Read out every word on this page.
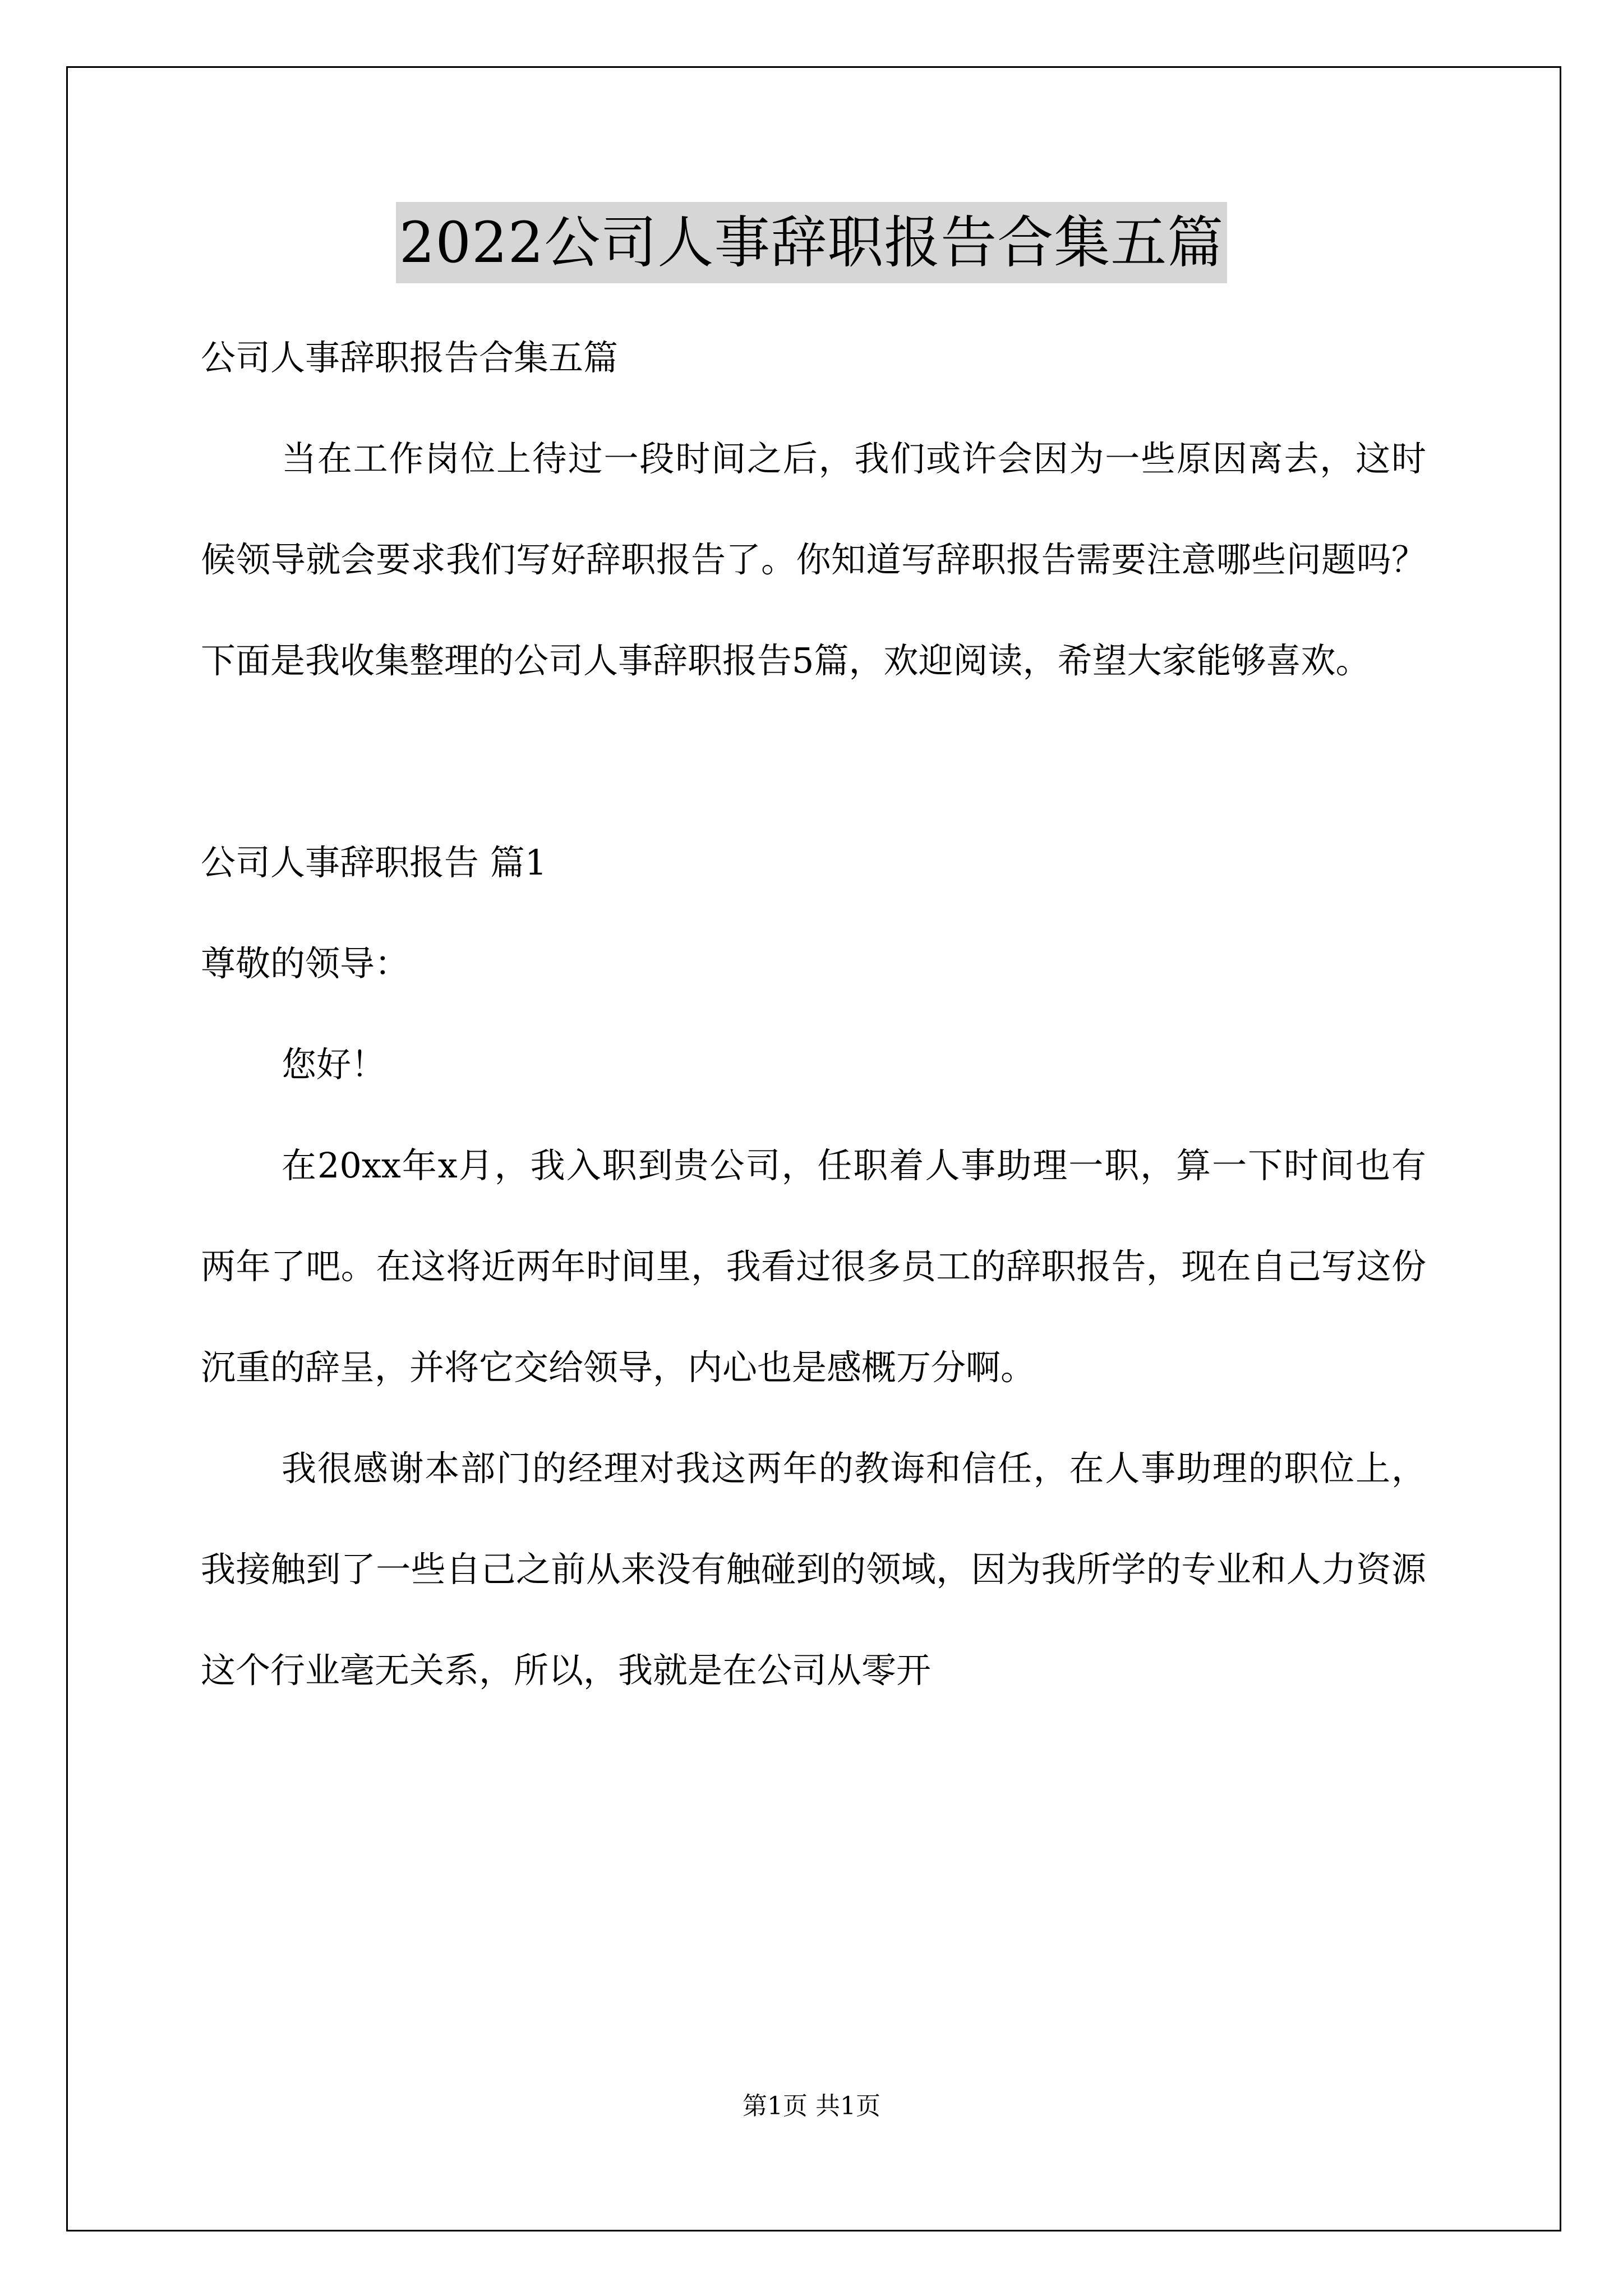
2022公司人事辞职报告合集五篇

公司人事辞职报告合集五篇

当在工作岗位上待过一段时间之后，我们或许会因为一些原因离去，这时候领导就会要求我们写好辞职报告了。你知道写辞职报告需要注意哪些问题吗？下面是我收集整理的公司人事辞职报告5篇，欢迎阅读，希望大家能够喜欢。

公司人事辞职报告 篇1

尊敬的领导：

您好！

在20xx年x月，我入职到贵公司，任职着人事助理一职，算一下时间也有两年了吧。在这将近两年时间里，我看过很多员工的辞职报告，现在自己写这份沉重的辞呈，并将它交给领导，内心也是感概万分啊。

我很感谢本部门的经理对我这两年的教诲和信任，在人事助理的职位上，我接触到了一些自己之前从来没有触碰到的领域，因为我所学的专业和人力资源这个行业毫无关系，所以，我就是在公司从零开

第1页 共1页
